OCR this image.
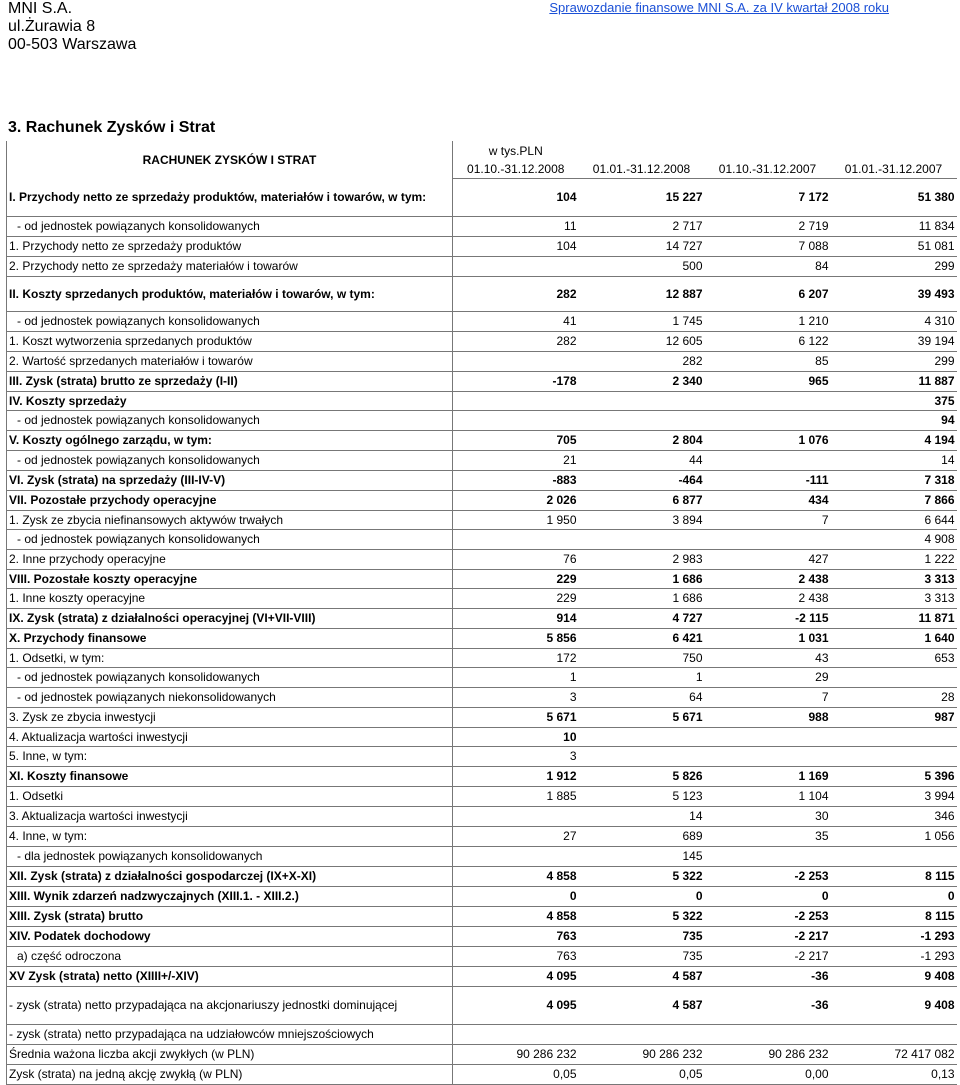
MNI S.A.
ul.Żurawia 8
00-503 Warszawa
Sprawozdanie finansowe MNI S.A. za IV kwartał 2008 roku
3. Rachunek Zysków i Strat
RACHUNEK ZYSKÓW I STRAT	w tys.PLN			
	01.10.-31.12.2008	01.01.-31.12.2008	01.10.-31.12.2007	01.01.-31.12.2007
I. Przychody netto ze sprzedaży produktów, materiałów i towarów, w tym:	104	15 227	7 172	51 380
- od jednostek powiązanych konsolidowanych	11	2 717	2 719	11 834
1. Przychody netto ze sprzedaży produktów	104	14 727	7 088	51 081
2. Przychody netto ze sprzedaży materiałów i towarów		500	84	299
II. Koszty sprzedanych produktów, materiałów i towarów, w tym:	282	12 887	6 207	39 493
- od jednostek powiązanych konsolidowanych	41	1 745	1 210	4 310
1. Koszt wytworzenia sprzedanych produktów	282	12 605	6 122	39 194
2. Wartość sprzedanych materiałów i towarów		282	85	299
III. Zysk (strata) brutto ze sprzedaży (I-II)	-178	2 340	965	11 887
IV. Koszty sprzedaży				375
- od jednostek powiązanych konsolidowanych				94
V. Koszty ogólnego zarządu, w tym:	705	2 804	1 076	4 194
- od jednostek powiązanych konsolidowanych	21	44		14
VI. Zysk (strata) na sprzedaży (III-IV-V)	-883	-464	-111	7 318
VII. Pozostałe przychody operacyjne	2 026	6 877	434	7 866
1. Zysk ze zbycia niefinansowych aktywów trwałych	1 950	3 894	7	6 644
- od jednostek powiązanych konsolidowanych				4 908
2. Inne przychody operacyjne	76	2 983	427	1 222
VIII. Pozostałe koszty operacyjne	229	1 686	2 438	3 313
1. Inne koszty operacyjne	229	1 686	2 438	3 313
IX. Zysk (strata) z działalności operacyjnej (VI+VII-VIII)	914	4 727	-2 115	11 871
X. Przychody finansowe	5 856	6 421	1 031	1 640
1. Odsetki, w tym:	172	750	43	653
- od jednostek powiązanych konsolidowanych	1	1	29	
- od jednostek powiązanych niekonsolidowanych	3	64	7	28
3. Zysk ze zbycia inwestycji	5 671	5 671	988	987
4. Aktualizacja wartości inwestycji	10			
5. Inne, w tym:	3			
XI. Koszty finansowe	1 912	5 826	1 169	5 396
1. Odsetki	1 885	5 123	1 104	3 994
3. Aktualizacja wartości inwestycji		14	30	346
4. Inne, w tym:	27	689	35	1 056
- dla jednostek powiązanych konsolidowanych		145		
XII. Zysk (strata) z działalności gospodarczej (IX+X-XI)	4 858	5 322	-2 253	8 115
XIII. Wynik zdarzeń nadzwyczajnych (XIII.1. - XIII.2.)	0	0	0	0
XIII. Zysk (strata) brutto	4 858	5 322	-2 253	8 115
XIV. Podatek dochodowy	763	735	-2 217	-1 293
a) część odroczona	763	735	-2 217	-1 293
XV Zysk (strata) netto (XIIII+/-XIV)	4 095	4 587	-36	9 408
- zysk (strata) netto przypadająca na akcjonariuszy jednostki dominującej	4 095	4 587	-36	9 408
- zysk (strata) netto przypadająca na udziałowców mniejszościowych				
Średnia ważona liczba akcji zwykłych (w PLN)	90 286 232	90 286 232	90 286 232	72 417 082
Zysk (strata) na jedną akcję zwykłą (w PLN)	0,05	0,05	0,00	0,13
